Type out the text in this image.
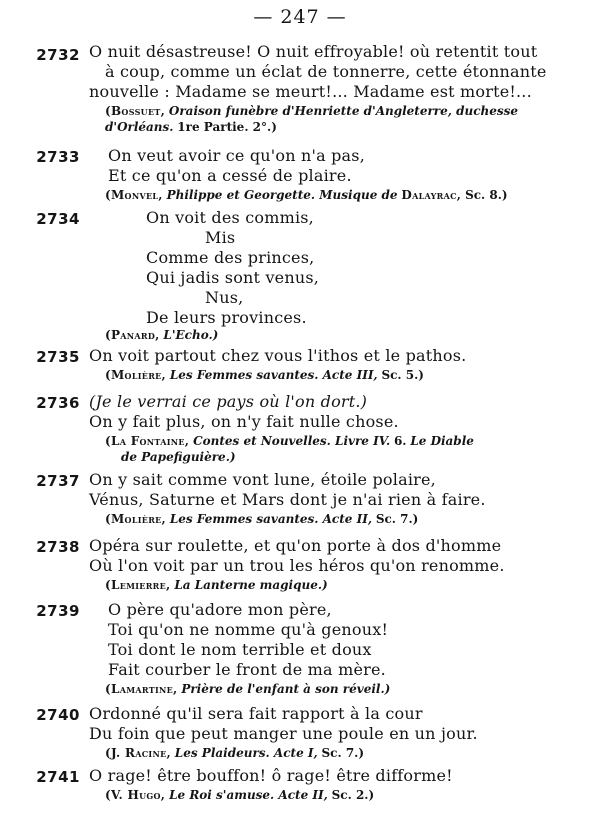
— 247 —
2732 O nuit désastreuse! O nuit effroyable! où retentit tout
à coup, comme un éclat de tonnerre, cette étonnante
nouvelle : Madame se meurt!... Madame est morte!...
(Bossuet, Oraison funèbre d'Henriette d'Angleterre, duchesse
d'Orléans. 1re Partie. 2°.)
2733 On veut avoir ce qu'on n'a pas,
Et ce qu'on a cessé de plaire.
(Monvel, Philippe et Georgette. Musique de Dalayrac, Sc. 8.)
2734	On voit des commis,
Mis
Comme des princes,
Qui jadis sont venus,
Nus,
De leurs provinces.
(Panard, L'Echo.)
2735 On voit partout chez vous l'ithos et le pathos.
(Molière, Les Femmes savantes. Acte III, Sc. 5.)
2736 (Je le verrai ce pays où l'on dort.)
On y fait plus, on n'y fait nulle chose.
(La Fontaine, Contes et Nouvelles. Livre IV. 6. Le Diable
de Papefiguière.)
2737 On y sait comme vont lune, étoile polaire,
Vénus, Saturne et Mars dont je n'ai rien à faire.
(Molière, Les Femmes savantes. Acte II, Sc. 7.)
2738 Opéra sur roulette, et qu'on porte à dos d'homme
Où l'on voit par un trou les héros qu'on renomme.
(Lemierre, La Lanterne magique.)
2739 O père qu'adore mon père,
Toi qu'on ne nomme qu'à genoux!
Toi dont le nom terrible et doux
Fait courber le front de ma mère.
(Lamartine, Prière de l'enfant à son réveil.)
2740 Ordonné qu'il sera fait rapport à la cour
Du foin que peut manger une poule en un jour.
(J. Racine, Les Plaideurs. Acte I, Sc. 7.)
2741 O rage! être bouffon! ô rage! être difforme!
(V. Hugo, Le Roi s'amuse. Acte II, Sc. 2.)
